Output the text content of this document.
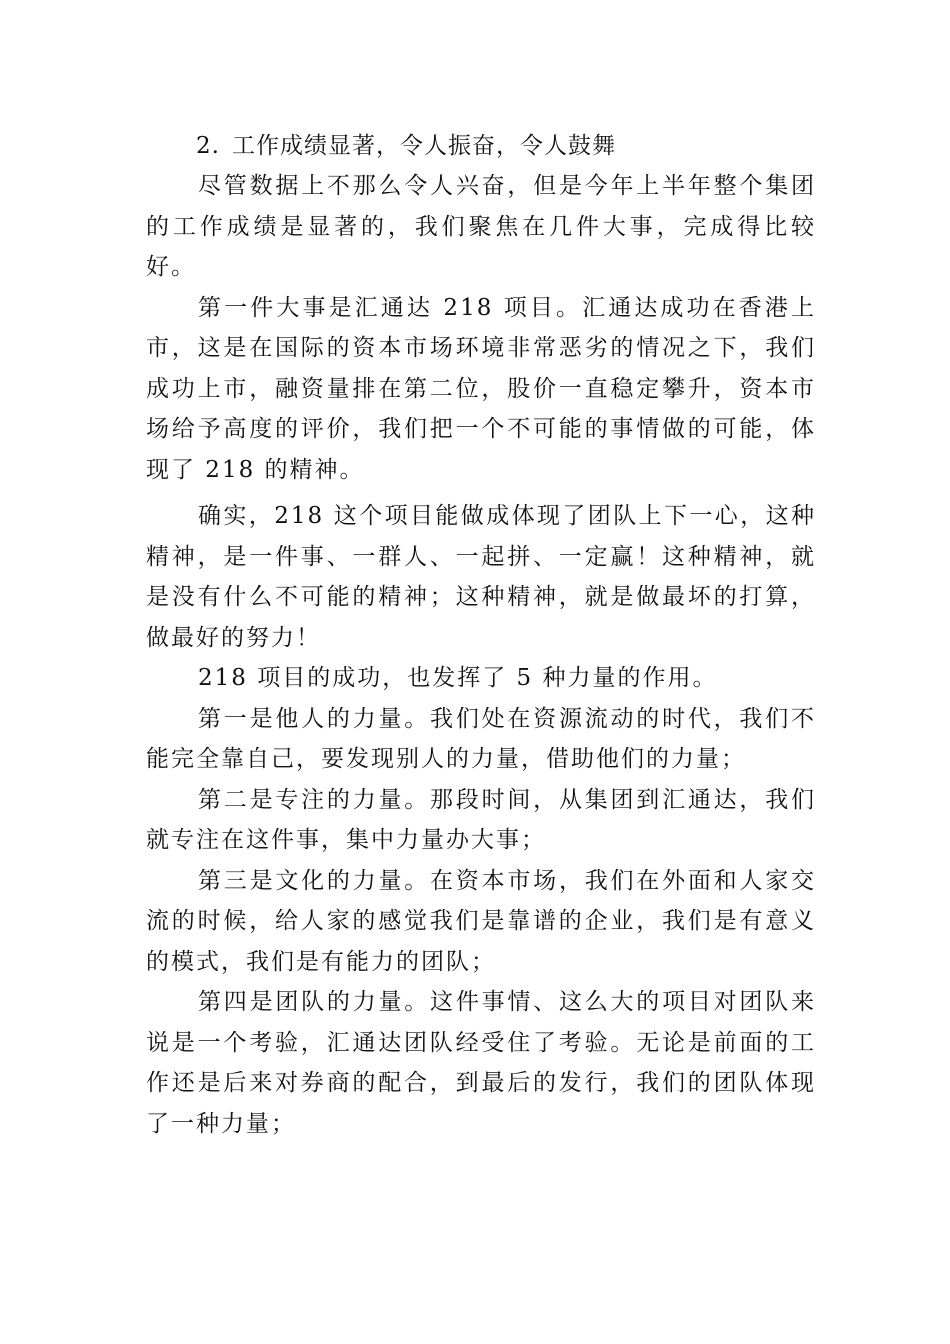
2. 工作成绩显著，令人振奋，令人鼓舞

尽管数据上不那么令人兴奋，但是今年上半年整个集团的工作成绩是显著的，我们聚焦在几件大事，完成得比较好。

第一件大事是汇通达 218 项目。汇通达成功在香港上市，这是在国际的资本市场环境非常恶劣的情况之下，我们成功上市，融资量排在第二位，股价一直稳定攀升，资本市场给予高度的评价，我们把一个不可能的事情做的可能，体现了 218 的精神。

确实，218 这个项目能做成体现了团队上下一心，这种精神，是一件事、一群人、一起拼、一定赢！这种精神，就是没有什么不可能的精神；这种精神，就是做最坏的打算， 做最好的努力！

218 项目的成功，也发挥了 5 种力量的作用。

第一是他人的力量。我们处在资源流动的时代，我们不能完全靠自己，要发现别人的力量，借助他们的力量；

第二是专注的力量。那段时间，从集团到汇通达，我们就专注在这件事，集中力量办大事；

第三是文化的力量。在资本市场，我们在外面和人家交流的时候，给人家的感觉我们是靠谱的企业，我们是有意义的模式，我们是有能力的团队；

第四是团队的力量。这件事情、这么大的项目对团队来说是一个考验，汇通达团队经受住了考验。无论是前面的工作还是后来对券商的配合，到最后的发行，我们的团队体现了一种力量；
